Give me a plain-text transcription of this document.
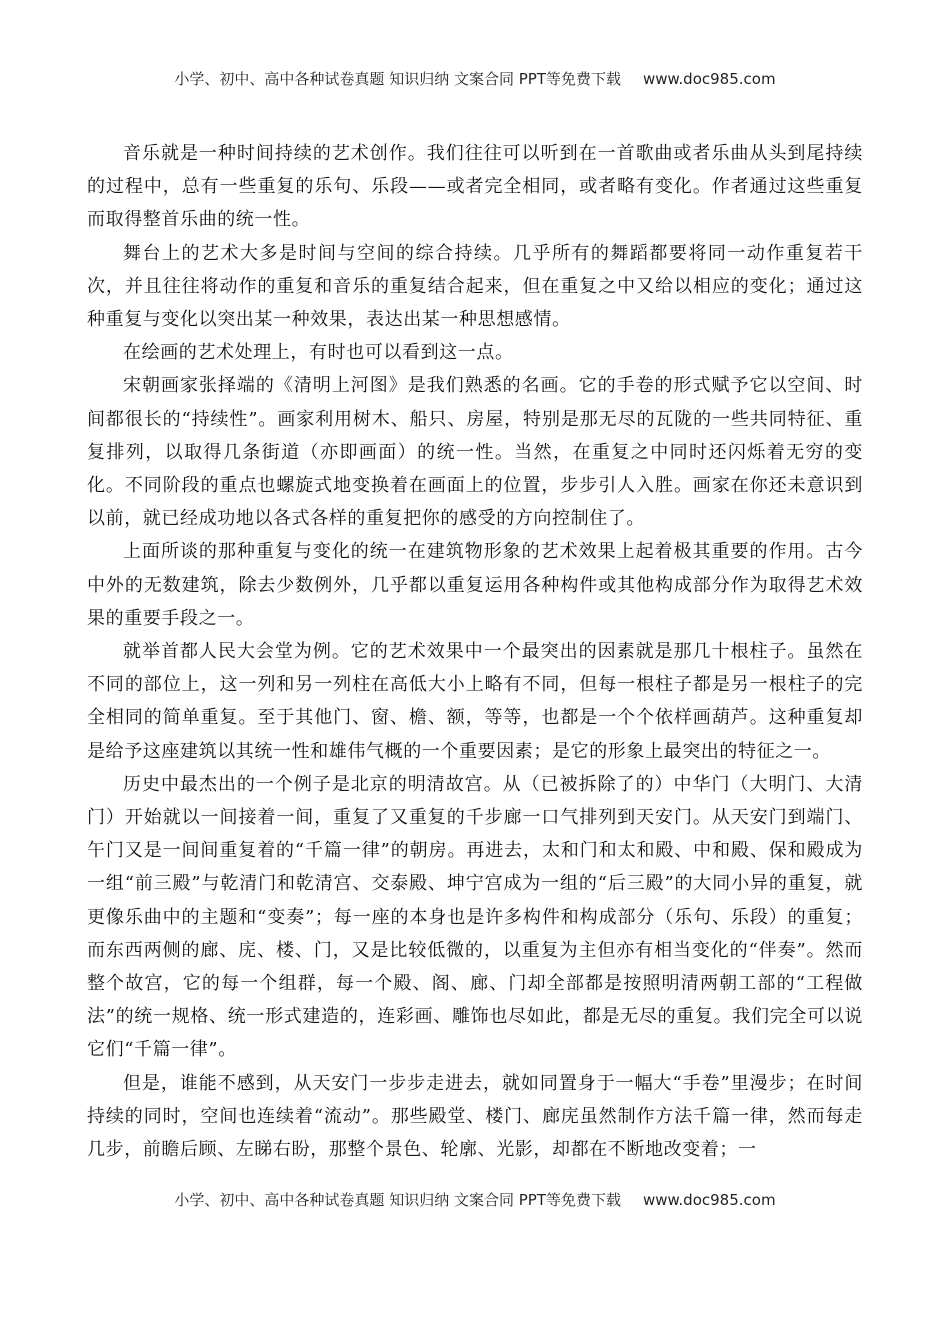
小学、初中、高中各种试卷真题 知识归纳 文案合同 PPT等免费下载 www.doc985.com

音乐就是一种时间持续的艺术创作。我们往往可以听到在一首歌曲或者乐曲从头到尾持续的过程中，总有一些重复的乐句、乐段——或者完全相同，或者略有变化。作者通过这些重复而取得整首乐曲的统一性。

舞台上的艺术大多是时间与空间的综合持续。几乎所有的舞蹈都要将同一动作重复若干次，并且往往将动作的重复和音乐的重复结合起来，但在重复之中又给以相应的变化；通过这种重复与变化以突出某一种效果，表达出某一种思想感情。

在绘画的艺术处理上，有时也可以看到这一点。

宋朝画家张择端的《清明上河图》是我们熟悉的名画。它的手卷的形式赋予它以空间、时间都很长的“持续性”。画家利用树木、船只、房屋，特别是那无尽的瓦陇的一些共同特征、重复排列，以取得几条街道（亦即画面）的统一性。当然，在重复之中同时还闪烁着无穷的变化。不同阶段的重点也螺旋式地变换着在画面上的位置，步步引人入胜。画家在你还未意识到以前，就已经成功地以各式各样的重复把你的感受的方向控制住了。

上面所谈的那种重复与变化的统一在建筑物形象的艺术效果上起着极其重要的作用。古今中外的无数建筑，除去少数例外，几乎都以重复运用各种构件或其他构成部分作为取得艺术效果的重要手段之一。

就举首都人民大会堂为例。它的艺术效果中一个最突出的因素就是那几十根柱子。虽然在不同的部位上，这一列和另一列柱在高低大小上略有不同，但每一根柱子都是另一根柱子的完全相同的简单重复。至于其他门、窗、檐、额，等等，也都是一个个依样画葫芦。这种重复却是给予这座建筑以其统一性和雄伟气概的一个重要因素；是它的形象上最突出的特征之一。

历史中最杰出的一个例子是北京的明清故宫。从（已被拆除了的）中华门（大明门、大清门）开始就以一间接着一间，重复了又重复的千步廊一口气排列到天安门。从天安门到端门、午门又是一间间重复着的“千篇一律”的朝房。再进去，太和门和太和殿、中和殿、保和殿成为一组“前三殿”与乾清门和乾清宫、交泰殿、坤宁宫成为一组的“后三殿”的大同小异的重复，就更像乐曲中的主题和“变奏”；每一座的本身也是许多构件和构成部分（乐句、乐段）的重复；而东西两侧的廊、庑、楼、门，又是比较低微的，以重复为主但亦有相当变化的“伴奏”。然而整个故宫，它的每一个组群，每一个殿、阁、廊、门却全部都是按照明清两朝工部的“工程做法”的统一规格、统一形式建造的，连彩画、雕饰也尽如此，都是无尽的重复。我们完全可以说它们“千篇一律”。

但是，谁能不感到，从天安门一步步走进去，就如同置身于一幅大“手卷”里漫步；在时间持续的同时，空间也连续着“流动”。那些殿堂、楼门、廊庑虽然制作方法千篇一律，然而每走几步，前瞻后顾、左睇右盼，那整个景色、轮廓、光影，却都在不断地改变着；一

小学、初中、高中各种试卷真题 知识归纳 文案合同 PPT等免费下载 www.doc985.com
